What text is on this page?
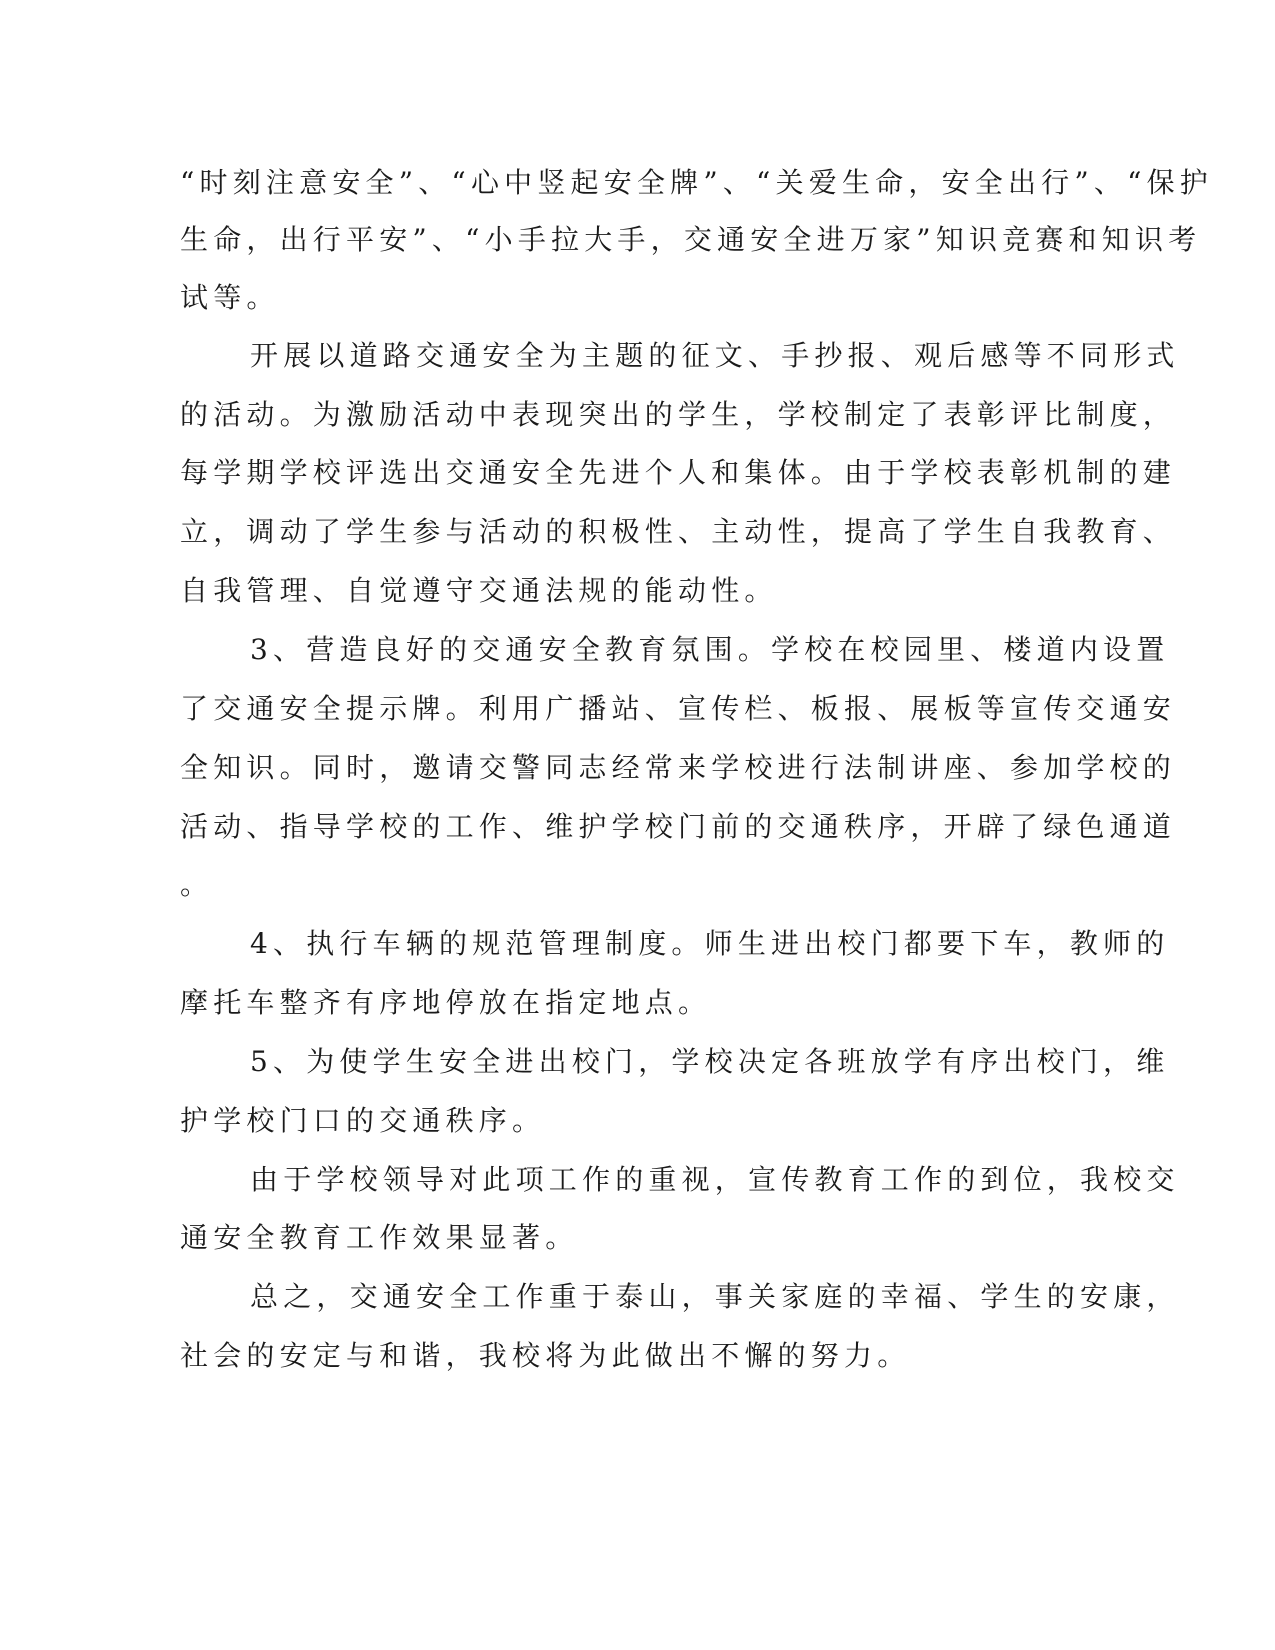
“时刻注意安全”、“心中竖起安全牌”、“关爱生命，安全出行”、“保护

生命，出行平安”、“小手拉大手，交通安全进万家”知识竞赛和知识考

试等。

开展以道路交通安全为主题的征文、手抄报、观后感等不同形式

的活动。为激励活动中表现突出的学生，学校制定了表彰评比制度，

每学期学校评选出交通安全先进个人和集体。由于学校表彰机制的建

立，调动了学生参与活动的积极性、主动性，提高了学生自我教育、

自我管理、自觉遵守交通法规的能动性。

3、营造良好的交通安全教育氛围。学校在校园里、楼道内设置

了交通安全提示牌。利用广播站、宣传栏、板报、展板等宣传交通安

全知识。同时，邀请交警同志经常来学校进行法制讲座、参加学校的

活动、指导学校的工作、维护学校门前的交通秩序，开辟了绿色通道

。

4、执行车辆的规范管理制度。师生进出校门都要下车，教师的

摩托车整齐有序地停放在指定地点。

5、为使学生安全进出校门，学校决定各班放学有序出校门，维

护学校门口的交通秩序。

由于学校领导对此项工作的重视，宣传教育工作的到位，我校交

通安全教育工作效果显著。

总之，交通安全工作重于泰山，事关家庭的幸福、学生的安康，

社会的安定与和谐，我校将为此做出不懈的努力。
